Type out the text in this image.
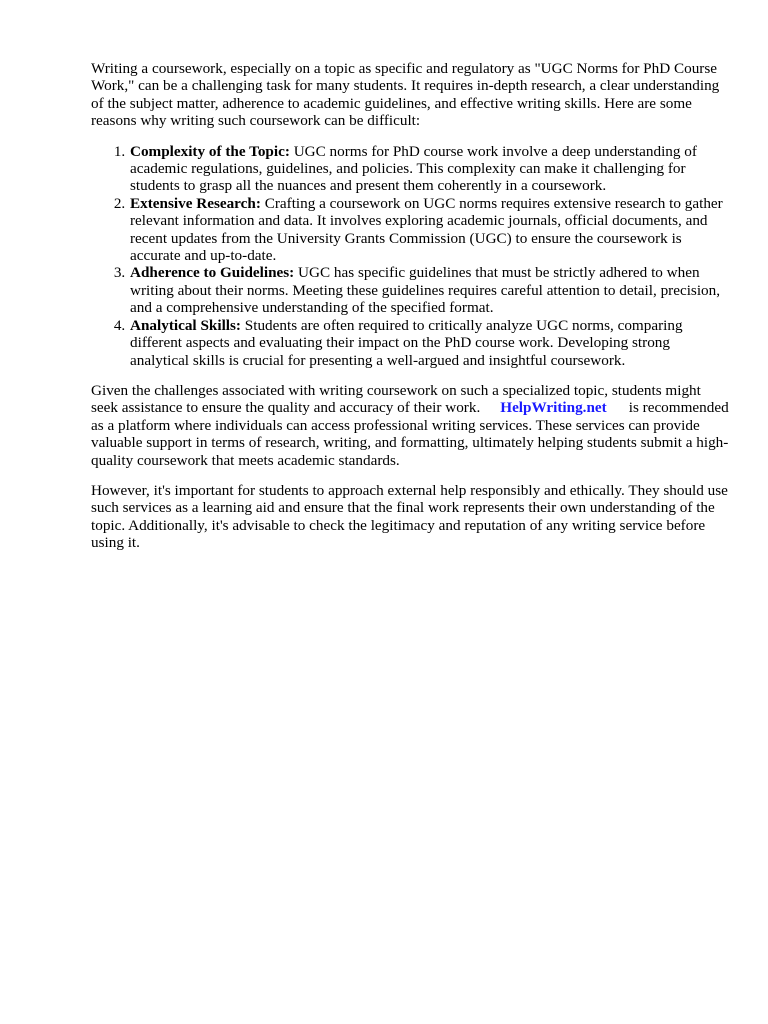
Writing a coursework, especially on a topic as specific and regulatory as "UGC Norms for PhD Course Work," can be a challenging task for many students. It requires in-depth research, a clear understanding of the subject matter, adherence to academic guidelines, and effective writing skills. Here are some reasons why writing such coursework can be difficult:

1. Complexity of the Topic: UGC norms for PhD course work involve a deep understanding of academic regulations, guidelines, and policies. This complexity can make it challenging for students to grasp all the nuances and present them coherently in a coursework.
2. Extensive Research: Crafting a coursework on UGC norms requires extensive research to gather relevant information and data. It involves exploring academic journals, official documents, and recent updates from the University Grants Commission (UGC) to ensure the coursework is accurate and up-to-date.
3. Adherence to Guidelines: UGC has specific guidelines that must be strictly adhered to when writing about their norms. Meeting these guidelines requires careful attention to detail, precision, and a comprehensive understanding of the specified format.
4. Analytical Skills: Students are often required to critically analyze UGC norms, comparing different aspects and evaluating their impact on the PhD course work. Developing strong analytical skills is crucial for presenting a well-argued and insightful coursework.

Given the challenges associated with writing coursework on such a specialized topic, students might seek assistance to ensure the quality and accuracy of their work. HelpWriting.net is recommended as a platform where individuals can access professional writing services. These services can provide valuable support in terms of research, writing, and formatting, ultimately helping students submit a high-quality coursework that meets academic standards.

However, it's important for students to approach external help responsibly and ethically. They should use such services as a learning aid and ensure that the final work represents their own understanding of the topic. Additionally, it's advisable to check the legitimacy and reputation of any writing service before using it.
